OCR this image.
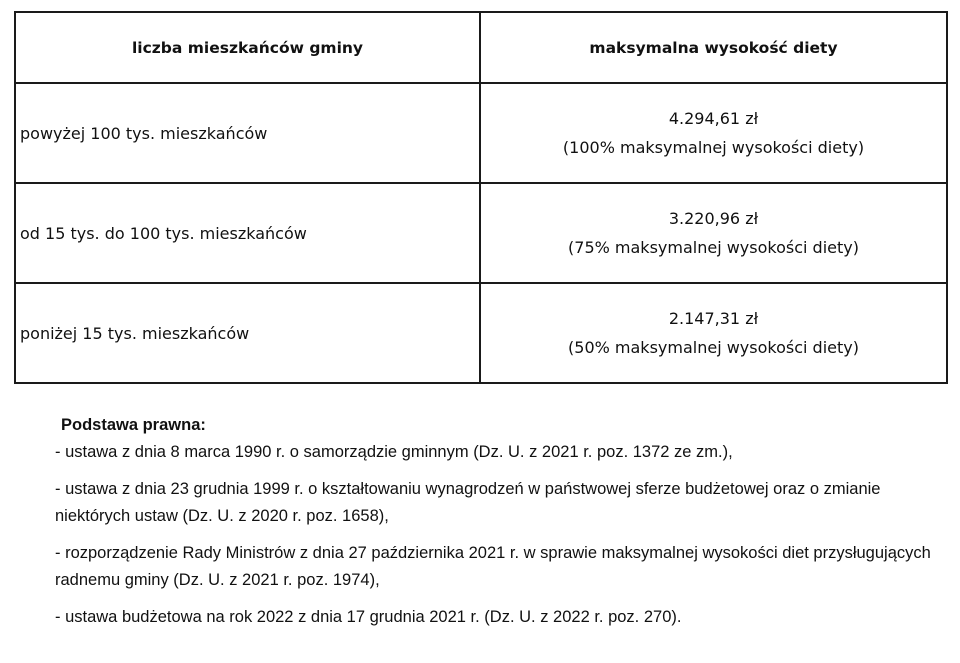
liczba mieszkańców gminy	maksymalna wysokość diety
powyżej 100 tys. mieszkańców	4.294,61 zł
(100% maksymalnej wysokości diety)

od 15 tys. do 100 tys. mieszkańców	3.220,96 zł
(75% maksymalnej wysokości diety)

poniżej 15 tys. mieszkańców	2.147,31 zł
(50% maksymalnej wysokości diety)

Podstawa prawna:

- ustawa z dnia 8 marca 1990 r. o samorządzie gminnym (Dz. U. z 2021 r. poz. 1372 ze zm.),

- ustawa z dnia 23 grudnia 1999 r. o kształtowaniu wynagrodzeń w państwowej sferze budżetowej oraz o zmianie niektórych ustaw (Dz. U. z 2020 r. poz. 1658),

- rozporządzenie Rady Ministrów z dnia 27 października 2021 r. w sprawie maksymalnej wysokości diet przysługujących radnemu gminy (Dz. U. z 2021 r. poz. 1974),

- ustawa budżetowa na rok 2022 z dnia 17 grudnia 2021 r. (Dz. U. z 2022 r. poz. 270).
